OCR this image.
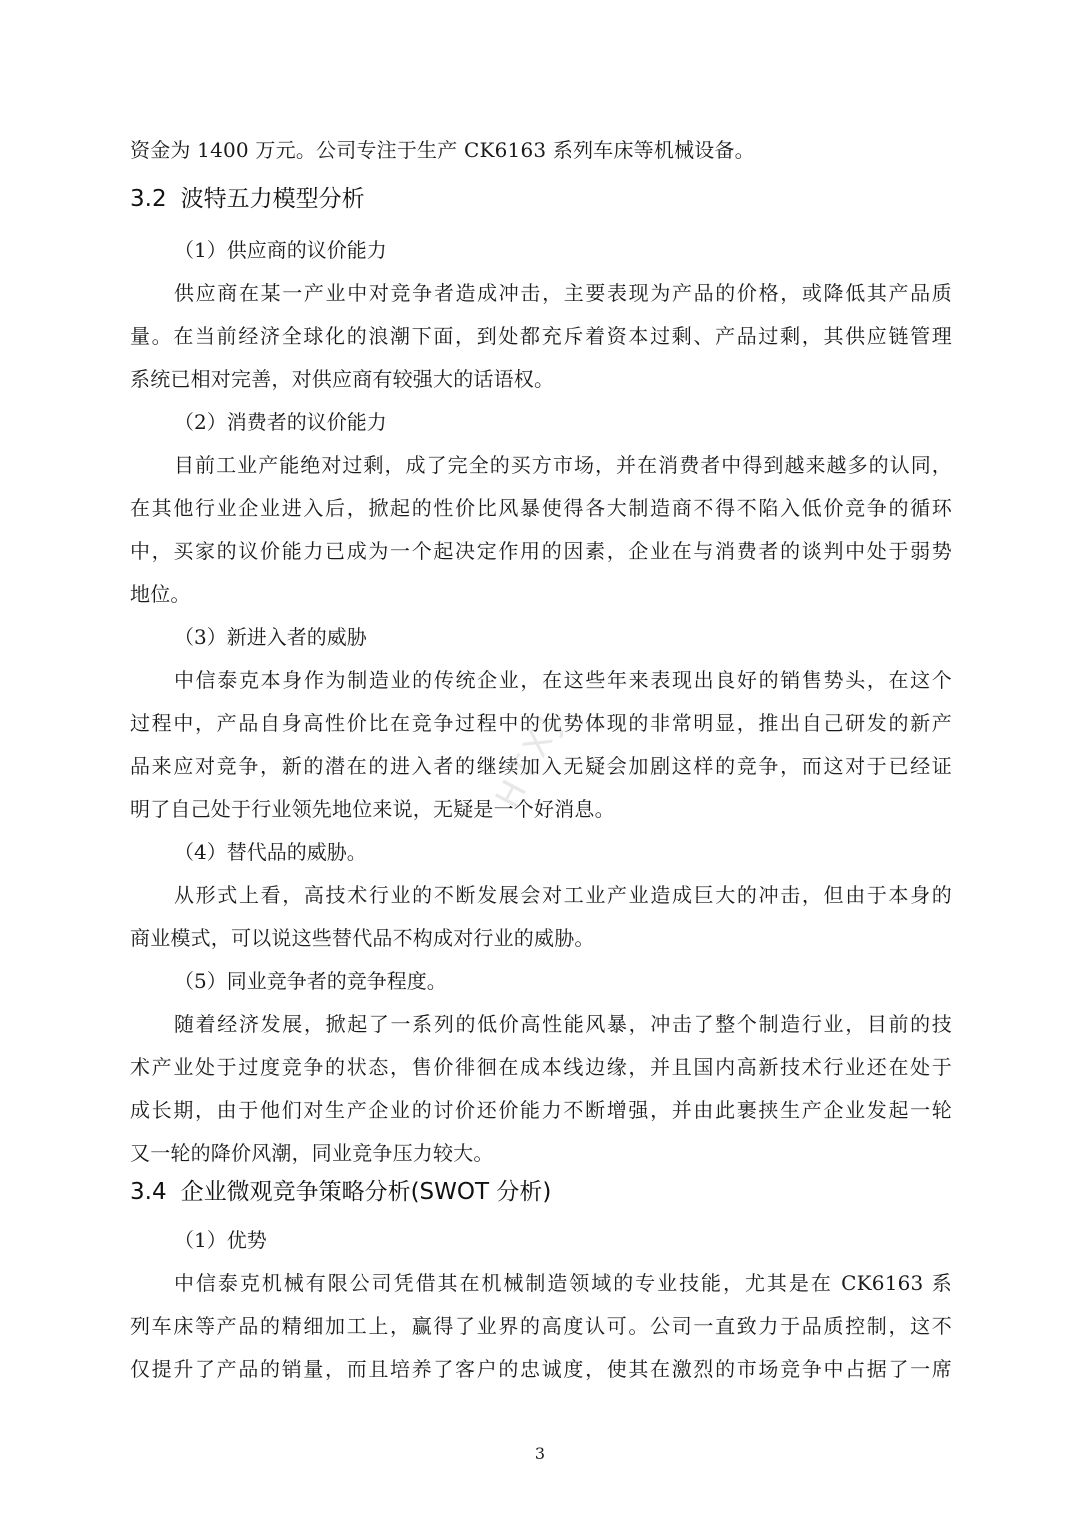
资金为 1400 万元。公司专注于生产 CK6163 系列车床等机械设备。
3.2 波特五力模型分析
（1）供应商的议价能力
供应商在某一产业中对竞争者造成冲击，主要表现为产品的价格，或降低其产品质
量。在当前经济全球化的浪潮下面，到处都充斥着资本过剩、产品过剩，其供应链管理
系统已相对完善，对供应商有较强大的话语权。
（2）消费者的议价能力
目前工业产能绝对过剩，成了完全的买方市场，并在消费者中得到越来越多的认同，
在其他行业企业进入后，掀起的性价比风暴使得各大制造商不得不陷入低价竞争的循环
中，买家的议价能力已成为一个起决定作用的因素，企业在与消费者的谈判中处于弱势
地位。
（3）新进入者的威胁
中信泰克本身作为制造业的传统企业，在这些年来表现出良好的销售势头，在这个
过程中，产品自身高性价比在竞争过程中的优势体现的非常明显，推出自己研发的新产
品来应对竞争，新的潜在的进入者的继续加入无疑会加剧这样的竞争，而这对于已经证
明了自己处于行业领先地位来说，无疑是一个好消息。
（4）替代品的威胁。
从形式上看，高技术行业的不断发展会对工业产业造成巨大的冲击，但由于本身的
商业模式，可以说这些替代品不构成对行业的威胁。
（5）同业竞争者的竞争程度。
随着经济发展，掀起了一系列的低价高性能风暴，冲击了整个制造行业，目前的技
术产业处于过度竞争的状态，售价徘徊在成本线边缘，并且国内高新技术行业还在处于
成长期，由于他们对生产企业的讨价还价能力不断增强，并由此裹挟生产企业发起一轮
又一轮的降价风潮，同业竞争压力较大。
3.4 企业微观竞争策略分析(SWOT 分析)
（1）优势
中信泰克机械有限公司凭借其在机械制造领域的专业技能，尤其是在 CK6163 系
列车床等产品的精细加工上，赢得了业界的高度认可。公司一直致力于品质控制，这不
仅提升了产品的销量，而且培养了客户的忠诚度，使其在激烈的市场竞争中占据了一席
HTXJ
3
